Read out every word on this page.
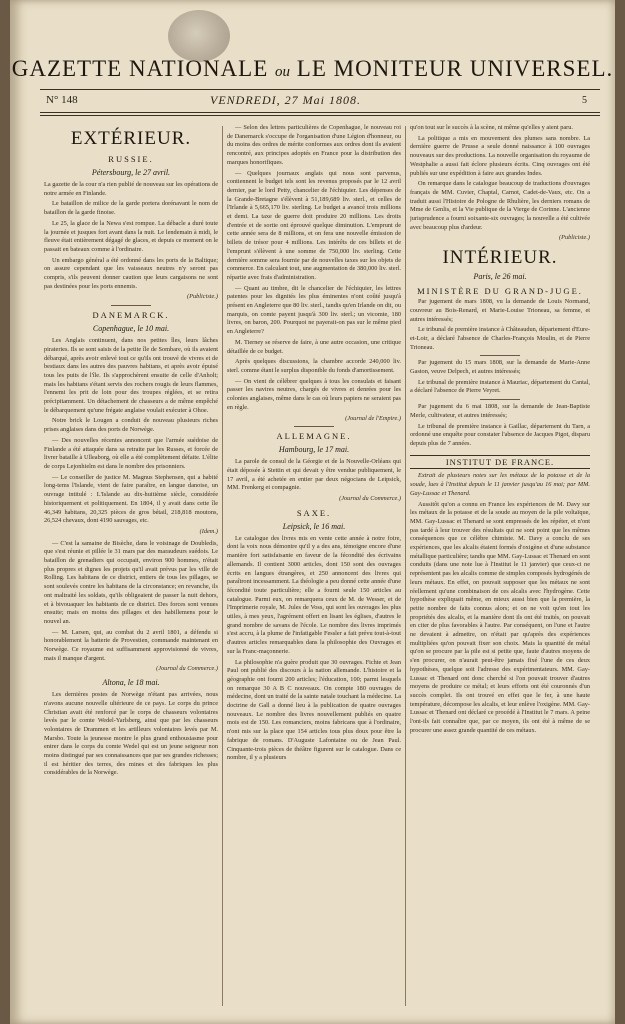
GAZETTE NATIONALE ou LE MONITEUR UNIVERSEL.
N° 148	VENDREDI, 27 Mai 1808.	5
EXTÉRIEUR.
RUSSIE.
Pétersbourg, le 27 avril.

La gazette de la cour n'a rien publié de nouveau sur les opérations de notre armée en Finlande.

Le bataillon de milice de la garde portera dorénavant le nom de bataillon de la garde finoise.

Le 25, la glace de la Newa s'est rompue. La débacle a duré toute la journée et jusques fort avant dans la nuit. Le lendemain à midi, le fleuve était entièrement dégagé de glaces, et depuis ce moment on le passait en bateaux comme à l'ordinaire.

Un embargo général a été ordonné dans les ports de la Baltique; on assure cependant que les vaisseaux neutres n'y seront pas compris, s'ils peuvent donner caution que leurs cargaisons ne sont pas destinées pour les ports ennemis.

(Publiciste.)
DANEMARCK.
Copenhague, le 10 mai.

Les Anglais continuent, dans nos petites îles, leurs lâches pirateries. Ils se sont saisis de la petite île de Sombare, où ils avaient débarqué, après avoir enlevé tout ce qu'ils ont trouvé de vivres et de bestiaux dans les autres des pauvres habitans, et après avoir épuisé tous les puits de l'île. Ils s'approchèrent ensuite de celle d'Anholt; mais les habitans s'étant servis des rochers rougis de leurs flammes, l'ennemi les prit de loin pour des troupes réglées, et se retira précipitamment. Un détachement de chasseurs a de même empêché le débarquement qu'une frégate anglaise voulait exécuter à Ohoe.

Notre brick le Lougen a conduit de nouveau plusieurs riches prises anglaises dans des ports de Norwège.

— Des nouvelles récentes annoncent que l'armée suédoise de Finlande a été attaquée dans sa retraite par les Russes, et forcée de livrer bataille à Ulleaborg, où elle a été complètement défaite. L'élite de corps Lejonhielm est dans le nombre des prisonniers.

— Le conseiller de justice M. Magnus Stephensen, qui a habité long-tems l'Islande, vient de faire paraître, en langue danoise, un ouvrage intitulé : L'Islande au dix-huitième siècle, considérée historiquement et politiquement. En 1804, il y avait dans cette île 46,349 habitans, 20,325 pièces de gros bétail, 218,818 moutons, 26,524 chevaux, dont 4190 sauvages, etc.

(Idem.)

— C'est la samaine de Bisèche, dans le voisinage de Doubledis, que s'est réunie et pillée le 31 mars par des maraudeurs suédois. Le bataillon de grenadiers qui occupait, environ 900 hommes, n'était plus propres et dignes les projets qu'il avait prévus par les ville de Rolling. Les habitans de ce district, entiers de tous les pillages, se sont soulevés contre les habitans de la circonstance; en revanche, ils ont maltraité les soldats, qu'ils obligeaient de passer la nuit dehors, et à bivouaquer les habitants de ce district. Des forces sont venues ensuite; mais en moins des pillages et des habillemens pour le nouvel an.

— M. Larsen, qui, au combat du 2 avril 1801, a défendu si honorablement la batterie de Provestien, commande maintenant en Norwège. Ce royaume est suffisamment approvisionné de vivres, mais il manque d'argent.

(Journal du Commerce.)
Altona, le 18 mai.

Les dernières postes de Norwège n'étant pas arrivées, nous n'avons aucune nouvelle ultérieure de ce pays. Le corps du prince Christian avait été renforcé par le corps de chasseurs volontaires levés par le comte Wedel-Yarlsberg, ainsi que par les chasseurs volontaires de Drammen et les artilleurs volontaires levés par M. Marsbo. Toute la jeunesse montre le plus grand enthousiasme pour entrer dans le corps du comte Wedel qui est un jeune seigneur non moins distingué par ses connaissances que par ses grandes richesses; il est héritier des terres, des mines et des fabriques les plus considérables de la Norwège.

— Selon des lettres particulières de Copenhague, le nouveau roi de Danemarck s'occupe de l'organisation d'une Légion d'honneur, ou du moins des ordres de mérite conformes aux ordres dont ils avaient rencontré, aux principes adoptés en France pour la distribution des marques honorifiques.

— Quelques journaux anglais qui nous sont parvenus, contiennent le budget tels sont les revenus proposés par le 12 avril dernier, par le lord Petty, chancelier de l'échiquier. Les dépenses de la Grande-Bretagne s'élèvent à 51,189,689 liv. sterl., et celles de l'Irlande à 5,665,170 liv. sterling. Le budget a avancé trois millions et demi. La taxe de guerre doit produire 20 millions. Les droits d'entrée et de sortie ont éprouvé quelque diminution. L'emprunt de cette année sera de 8 millions, et on fera une nouvelle émission de billets de trésor pour 4 millions. Les intérêts de ces billets et de l'emprunt s'élèvent à une somme de 750,000 liv. sterling. Cette dernière somme sera fournie par de nouvelles taxes sur les objets de commerce. En calculant tout, une augmentation de 380,000 liv. sterl. répartie avec frais d'administration.

— Quant au timbre, dit le chancelier de l'échiquier, les lettres patentes pour les dignités les plus éminentes n'ont coûté jusqu'à présent en Angleterre que 80 liv. sterl., tandis qu'en Irlande on dit, ou marquis, on comte payent jusqu'à 300 liv. sterl.; un vicomte, 180 livres, on baron, 200. Pourquoi ne payerait-on pas sur le même pied en Angleterre?

M. Tierney se réserve de faire, à une autre occasion, une critique détaillée de ce budget.

Après quelques discussions, la chambre accorde 240,000 liv. sterl. comme étant le surplus disponible du fonds d'amortissement.

— On vient de célébrer quelques à tous les consulats et faisant passer les navires neutres, chargés de vivres et denrées pour les colonies anglaises, même dans le cas où leurs papiers ne seraient pas en règle.

(Journal de l'Empire.)
ALLEMAGNE.
Hambourg, le 17 mai.

La parole de consul de la Géorgie et de la Nouvelle-Orléans qui était déposée à Stettin et qui devait y être vendue publiquement, le 17 avril, a été achetée en entier par deux négocians de Leipsick, MM. Frenkerg et compagnie.

(Journal du Commerce.)
SAXE.
Leipsick, le 16 mai.

Le catalogue des livres mis en vente cette année à notre foire, dont la voix nous démontre qu'il y a des ans, témoigne encore d'une manière fort satisfaisante en faveur de la fécondité des écrivains allemands. Il contient 3000 articles, dont 150 sont des ouvrages écrits en langues étrangères, et 250 annoncent des livres qui paraîtront incessamment. La théologie a peu donné cette année d'une fécondité toute particulière; elle a fourni seule 150 articles au catalogue. Parmi eux, on remarquera ceux de M. de Wesser, et de l'Imprimerie royale, M. Jules de Voss, qui sont les ouvrages les plus utiles, à mes yeux, l'agrément offert en lisant les églises, d'autres le grand nombre de savans de l'école. Le nombre des livres imprimés s'est accru, à la plume de l'infatigable Fessler a fait prévu tout-à-tout d'autres articles remarquables dans la philosophie des Ouvrages et sur la Franc-maçonnerie.

La philosophie n'a guère produit que 30 ouvrages. Fichte et Jean Paul ont publié des discours à la nation allemande. L'histoire et la géographie ont fourni 200 articles; l'éducation, 100; parmi lesquels on remarque 30 A B C nouveaux. On compte 180 ouvrages de médecine, dont un traité de la sainte natale touchant la médecine. La doctrine de Gall a donné lieu à la publication de quatre ouvrages nouveaux. Le nombre des livres nouvellement publiés en quatre mois est de 150. Les romanciers, moins fabricans que à l'ordinaire, n'ont mis sur la place que 154 articles tous plus doux pour être la fabrique de romans. D'Auguste Lafontaine ou de Jean Paul. Cinquante-trois pièces de théâtre figurent sur le catalogue. Dans ce nombre, il y a plusieurs

qu'on tout sur le succès à la scène, ni même qu'elles y aient paru.

La politique a mis en mouvement des plumes sans nombre. La dernière guerre de Prusse a seule donné naissance à 100 ouvrages nouveaux sur des productions. La nouvelle organisation du royaume de Westphalie a aussi fait éclore plusieurs écrits. Cinq ouvrages ont été publiés sur une expédition à faire aux grandes Indes.

On remarque dans le catalogue beaucoup de traductions d'ouvrages français de MM. Cuvier, Chaptal, Carnot, Cadet-de-Vaux, etc. On a traduit aussi l'Histoire de Pologne de Rhulière, les derniers romans de Mme de Genlis, et la Vie publique de la Vierge de Corinne. L'ancienne jurisprudence a fourni soixante-six ouvrages; la nouvelle a été cultivée avec beaucoup plus d'ardeur.

(Publiciste.)
INTÉRIEUR.
Paris, le 26 mai.
MINISTÈRE DU GRAND-JUGE.

Par jugement de mars 1808, vu la demande de Louis Normand, couvreur au Bois-Renard, et Marie-Louise Trioneau, sa femme, et autres intéressés;

Le tribunal de première instance à Châteaudun, département d'Eure-et-Loir, a déclaré l'absence de Charles-François Moulin, et de Pierre Trioneau.

Par jugement du 15 mars 1808, sur la demande de Marie-Anne Gaston, veuve Delpech, et autres intéressés;

Le tribunal de première instance à Mauriac, département du Cantal, a déclaré l'absence de Pierre Veyret.

Par jugement du 6 mai 1808, sur la demande de Jean-Baptiste Merle, cultivateur, et autres intéressés;

Le tribunal de première instance à Gaillac, département du Tarn, a ordonné une enquête pour constater l'absence de Jacques Pigot, disparu depuis plus de 7 années.

INSTITUT DE FRANCE.

Extrait de plusieurs notes sur les métaux de la potasse et de la soude, lues à l'Institut depuis le 11 janvier jusqu'au 16 mai; par MM. Gay-Lussac et Thenard.

Aussitôt qu'on a connu en France les expériences de M. Davy sur les métaux de la potasse et de la soude au moyen de la pile voltaïque, MM. Gay-Lussac et Thenard se sont empressés de les répéter, et n'ont pas tardé à leur trouver des résultats qui ne sont point que les mêmes conséquences que ce célèbre chimiste. M. Davy a conclu de ses expériences, que les alcalis étaient formés d'oxigène et d'une substance métallique particulière; tandis que MM. Gay-Lussac et Thenard en sont conduits (dans une note lue à l'Institut le 11 janvier) que ceux-ci ne représentent pas les alcalis comme de simples composés hydrogénés de leurs métaux. En effet, on pouvait supposer que les métaux ne sont réellement qu'une combinaison de ces alcalis avec l'hydrogène. Cette hypothèse expliquait même, en mieux aussi bien que la première, la petite nombre de faits connus alors; et on ne voit qu'en tout les propriétés des alcalis, et la manière dont ils ont été traités, on pouvait en citer de plus favorables à l'autre. Par conséquent, on l'une et l'autre ne devaient à admettre, on n'était par qu'après des expériences multipliées qu'on pouvait fixer son choix. Mais la quantité de métal qu'on se procure par la pile est si petite que, faute d'autres moyens de s'en procurer, on n'aurait peut-être jamais fixé l'une de ces deux hypothèses, quelque soit l'adresse des expérimentateurs. MM. Gay-Lussac et Thenard ont donc cherché si l'on pouvait trouver d'autres moyens de produire ce métal; et leurs efforts ont été couronnés d'un succès complet. Ils ont trouvé en effet que le fer, à une haute température, décompose les alcalis, et leur enlève l'oxigène. MM. Gay-Lussac et Thenard ont déclaré ce procédé à l'Institut le 7 mars. A peine l'ont-ils fait connaître que, par ce moyen, ils ont été à même de se procurer une assez grande quantité de ces métaux.
